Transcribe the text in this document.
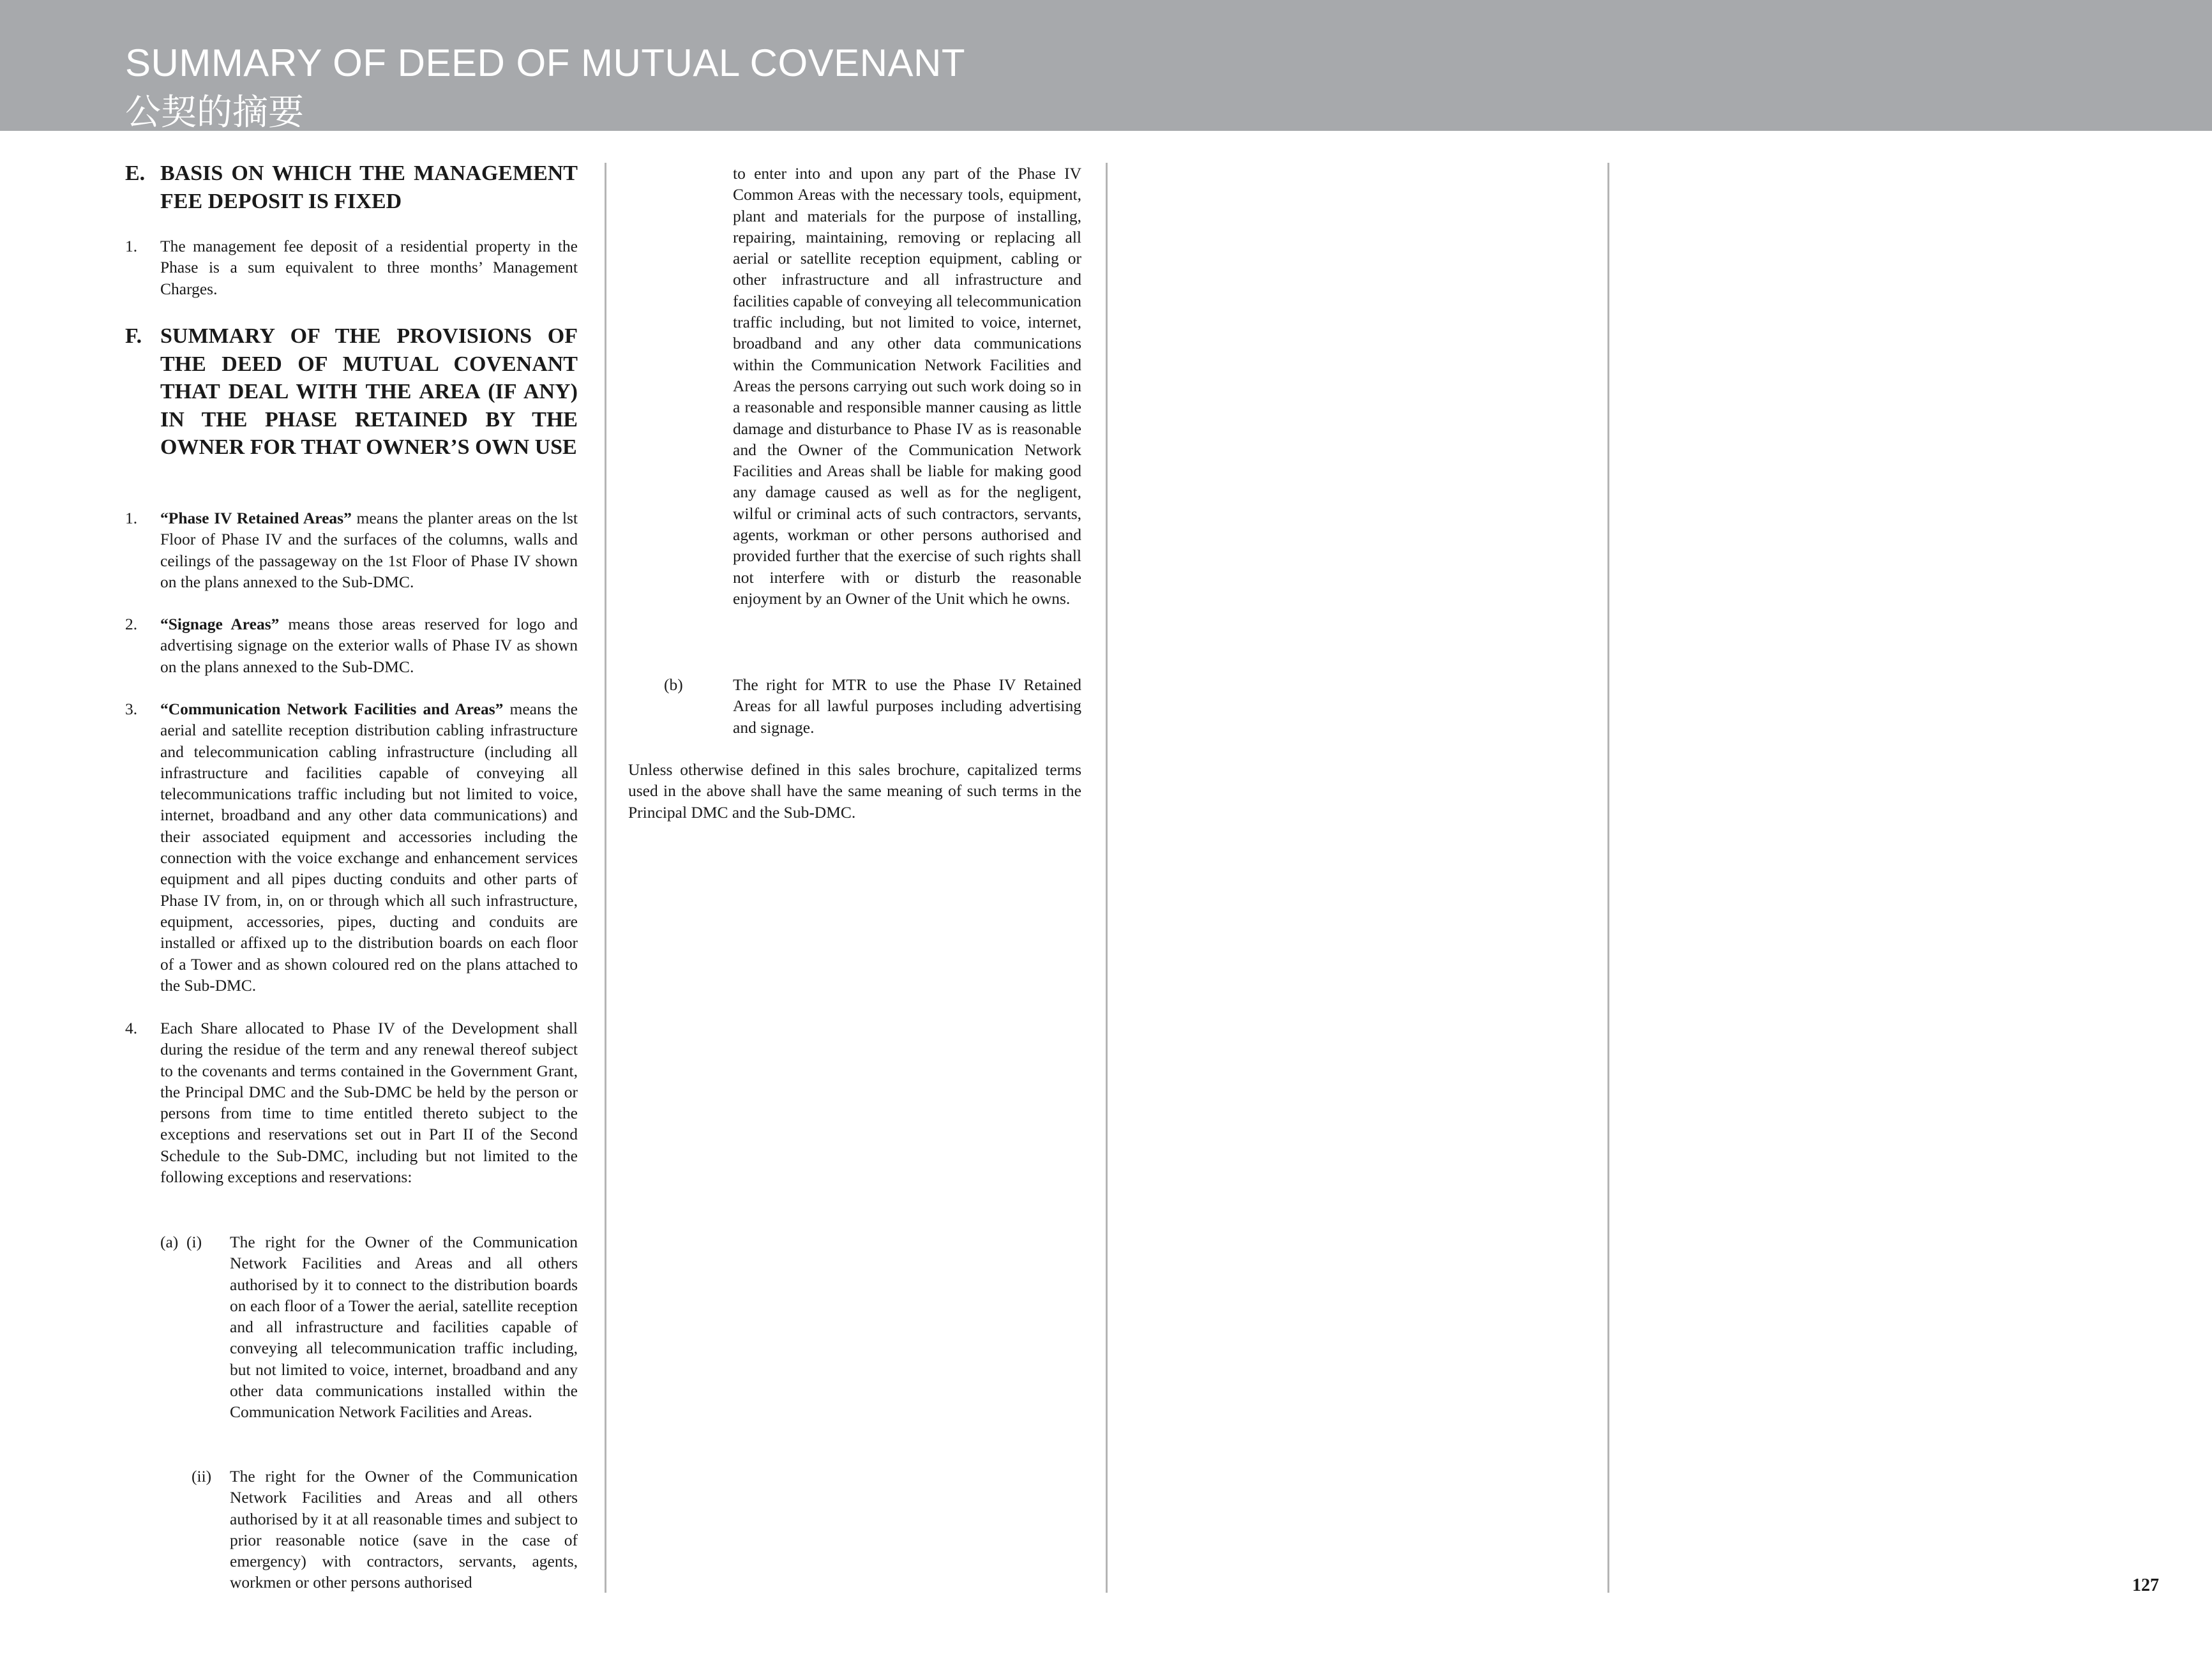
SUMMARY OF DEED OF MUTUAL COVENANT
公契的摘要
E. BASIS ON WHICH THE MANAGEMENT FEE DEPOSIT IS FIXED
1. The management fee deposit of a residential property in the Phase is a sum equivalent to three months’ Management Charges.
F. SUMMARY OF THE PROVISIONS OF THE DEED OF MUTUAL COVENANT THAT DEAL WITH THE AREA (IF ANY) IN THE PHASE RETAINED BY THE OWNER FOR THAT OWNER’S OWN USE
1. “Phase IV Retained Areas” means the planter areas on the lst Floor of Phase IV and the surfaces of the columns, walls and ceilings of the passageway on the 1st Floor of Phase IV shown on the plans annexed to the Sub-DMC.
2. “Signage Areas” means those areas reserved for logo and advertising signage on the exterior walls of Phase IV as shown on the plans annexed to the Sub-DMC.
3. “Communication Network Facilities and Areas” means the aerial and satellite reception distribution cabling infrastructure and telecommunication cabling infrastructure (including all infrastructure and facilities capable of conveying all telecommunications traffic including but not limited to voice, internet, broadband and any other data communications) and their associated equipment and accessories including the connection with the voice exchange and enhancement services equipment and all pipes ducting conduits and other parts of Phase IV from, in, on or through which all such infrastructure, equipment, accessories, pipes, ducting and conduits are installed or affixed up to the distribution boards on each floor of a Tower and as shown coloured red on the plans attached to the Sub-DMC.
4. Each Share allocated to Phase IV of the Development shall during the residue of the term and any renewal thereof subject to the covenants and terms contained in the Government Grant, the Principal DMC and the Sub-DMC be held by the person or persons from time to time entitled thereto subject to the exceptions and reservations set out in Part II of the Second Schedule to the Sub-DMC, including but not limited to the following exceptions and reservations:
(a)  (i) The right for the Owner of the Communication Network Facilities and Areas and all others authorised by it to connect to the distribution boards on each floor of a Tower the aerial, satellite reception and all infrastructure and facilities capable of conveying all telecommunication traffic including, but not limited to voice, internet, broadband and any other data communications installed within the Communication Network Facilities and Areas.
(ii) The right for the Owner of the Communication Network Facilities and Areas and all others authorised by it at all reasonable times and subject to prior reasonable notice (save in the case of emergency) with contractors, servants, agents, workmen or other persons authorised
to enter into and upon any part of the Phase IV Common Areas with the necessary tools, equipment, plant and materials for the purpose of installing, repairing, maintaining, removing or replacing all aerial or satellite reception equipment, cabling or other infrastructure and all infrastructure and facilities capable of conveying all telecommunication traffic including, but not limited to voice, internet, broadband and any other data communications within the Communication Network Facilities and Areas the persons carrying out such work doing so in a reasonable and responsible manner causing as little damage and disturbance to Phase IV as is reasonable and the Owner of the Communication Network Facilities and Areas shall be liable for making good any damage caused as well as for the negligent, wilful or criminal acts of such contractors, servants, agents, workman or other persons authorised and provided further that the exercise of such rights shall not interfere with or disturb the reasonable enjoyment by an Owner of the Unit which he owns.
(b)	The right for MTR to use the Phase IV Retained Areas for all lawful purposes including advertising and signage.
Unless otherwise defined in this sales brochure, capitalized terms used in the above shall have the same meaning of such terms in the Principal DMC and the Sub-DMC.
127
